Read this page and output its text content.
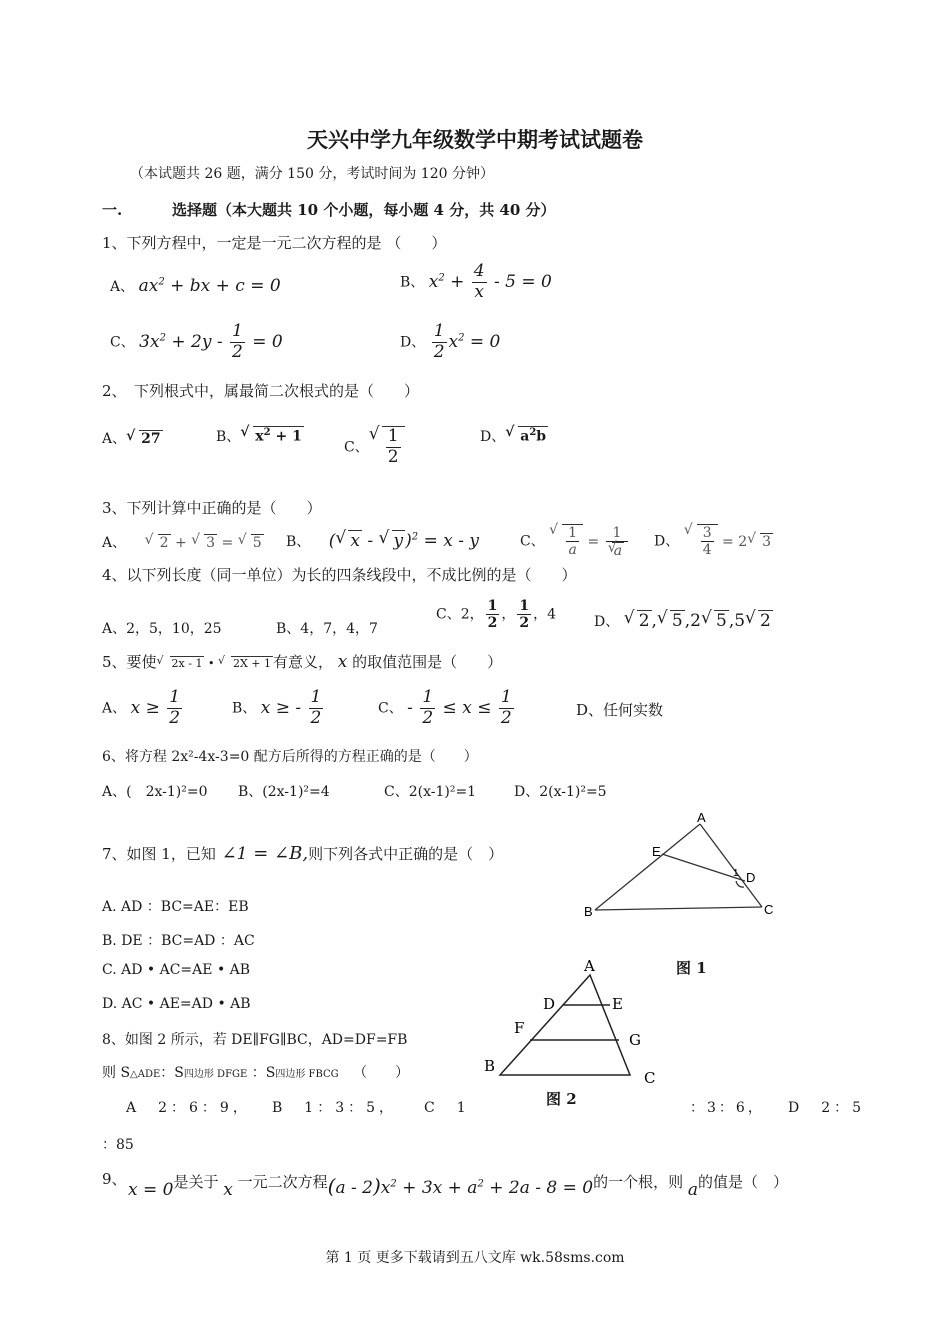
天兴中学九年级数学中期考试试题卷
（本试题共 26 题，满分 150 分，考试时间为 120 分钟）
一.	选择题（本大题共 10 个小题，每小题 4 分，共 40 分）
1、下列方程中，一定是一元二次方程的是 （　　）
A、 $ax^2$ + bx + c = 0	B、 $x^2 + \frac{4}{x} - 5 = 0$
C、 $3x^2 + 2y - \frac{1}{2} = 0$	D、 $\frac{1}{2} x^2 = 0$
2、　下列根式中，属最简二次根式的是（　　）
A、√ 27	B、√ $x^2 + 1$
C、
√ $\frac{1}{2}$	D、√ $a^2b$
3、下列计算中正确的是（　　）
A、 √ 2 + √ 3 = √ 5 B、 (√ x - √ y )$^2$ = x - y	C、
√ $\frac{1}{a} = 1$
√ a D、
√ $\frac{3}{4} = 2√$ 3
4、以下列长度（同一单位）为长的四条线段中，不成比例的是（　　）
A、2，5，10，25	B、4，7，4，7
C、2， $\frac{1}{2}$ ， $\frac{1}{2}$ ，4	D、 √ 2 ,√ 5 ,2√ 5 ,5√ 2
5、要使√ 2x - 1 • √ 2X + 1 有意义， x 的取值范围是（　　）
A、 $x \ge \frac{1}{2}$	B、 x ≥ - $\frac{1}{2}$	C、 - $\frac{1}{2} \le x \le \frac{1}{2}$	D、任何实数
6、将方程 2x²-4x-3=0 配方后所得的方程正确的是（　　）
A、(　2x-1)²=0 B、(2x-1)²=4	C、2(x-1)²=1	D、2(x-1)²=5
7、如图 1，已知 ∠1 = ∠B,则下列各式中正确的是（　）
A. AD ：BC=AE：EB
B. DE ：BC=AD ：AC
C. AD • AC=AE • AB
D. AC • AE=AD • AB
A
E
D
B	C
1
图 1
A
D	E
F
G
B
C
图 2
8、如图 2 所示，若 DE∥FG∥BC，AD=DF=FB
则 S△ADE：S四边形 DFGE ：S四边形 FBCG （　　）
A　2：6：9， B　1：3：5， C　1	：3：6， D　2：5
：85
9、
x = 0是关于 x 一元二次方程$(a - 2)x^2 + 3x + a^2 + 2a - 8 = 0$的一个根，则 a的值是（　）
第 1 页 更多下载请到五八文库 wk.58sms.com
